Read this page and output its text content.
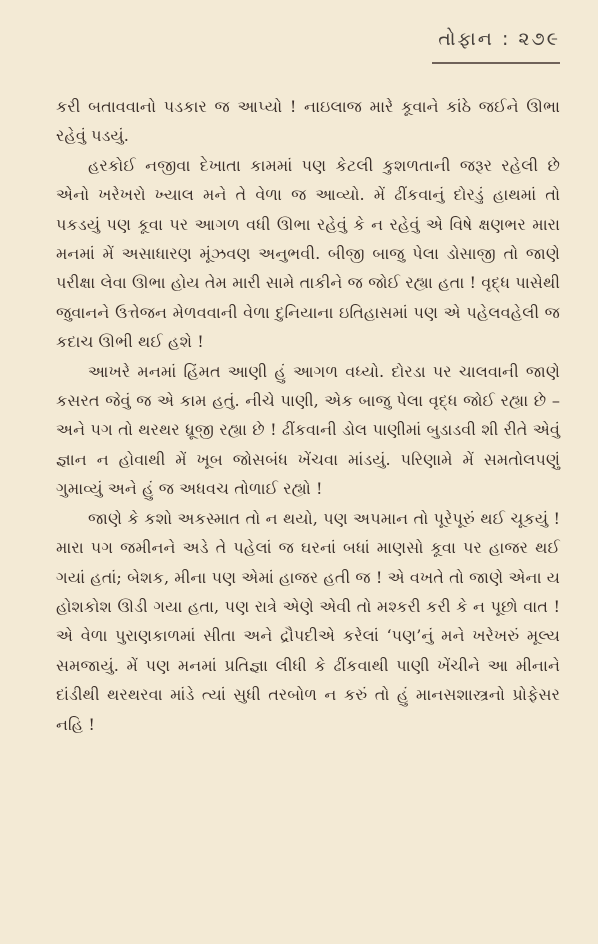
તોફાન : ૨૭૯

કરી બતાવવાનો પડકાર જ આપ્યો ! નાઇલાજ મારે કૂવાને કાંઠે જઈને ઊભા રહેવું પડયું.

હરકોઈ નજીવા દેખાતા કામમાં પણ કેટલી કુશળતાની જરૂર રહેલી છે એનો ખરેખરો ખ્યાલ મને તે વેળા જ આવ્યો. મેં ઢીંકવાનું દોરડું હાથમાં તો પકડયું પણ કૂવા પર આગળ વધી ઊભા રહેવું કે ન રહેવું એ વિષે ક્ષણભર મારા મનમાં મેં અસાધારણ મૂંઝવણ અનુભવી. બીજી બાજુ પેલા ડોસાજી તો જાણે પરીક્ષા લેવા ઊભા હોય તેમ મારી સામે તાકીને જ જોઈ રહ્યા હતા ! વૃદ્ધ પાસેથી જુવાનને ઉત્તેજન મેળવવાની વેળા દુનિયાના ઇતિહાસમાં પણ એ પહેલવહેલી જ કદાચ ઊભી થઈ હશે !

આખરે મનમાં હિંમત આણી હું આગળ વધ્યો. દોરડા પર ચાલવાની જાણે કસરત જેવું જ એ કામ હતું. નીચે પાણી, એક બાજુ પેલા વૃદ્ધ જોઈ રહ્યા છે – અને પગ તો થરથર ધ્રૂજી રહ્યા છે ! ઢીંકવાની ડોલ પાણીમાં બુડાડવી શી રીતે એવું જ્ઞાન ન હોવાથી મેં ખૂબ જોસબંધ ખેંચવા માંડયું. પરિણામે મેં સમતોલપણું ગુમાવ્યું અને હું જ અધવચ તોળાઈ રહ્યો !

જાણે કે કશો અકસ્માત તો ન થયો, પણ અપમાન તો પૂરેપૂરું થઈ ચૂકયું ! મારા પગ જમીનને અડે તે પહેલાં જ ઘરનાં બધાં માણસો કૂવા પર હાજર થઈ ગયાં હતાં; બેશક, મીના પણ એમાં હાજર હતી જ ! એ વખતે તો જાણે એના ય હોશકોશ ઊડી ગયા હતા, પણ રાત્રે એણે એવી તો મશ્કરી કરી કે ન પૂછો વાત ! એ વેળા પુરાણકાળમાં સીતા અને દ્રૌપદીએ કરેલાં ‘પણ’નું મને ખરેખરું મૂલ્ય સમજાયું. મેં પણ મનમાં પ્રતિજ્ઞા લીધી કે ઢીંકવાથી પાણી ખેંચીને આ મીનાને દાંડીથી થરથરવા માંડે ત્યાં સુધી તરબોળ ન કરું તો હું માનસશાસ્ત્રનો પ્રોફેસર નહિ !
